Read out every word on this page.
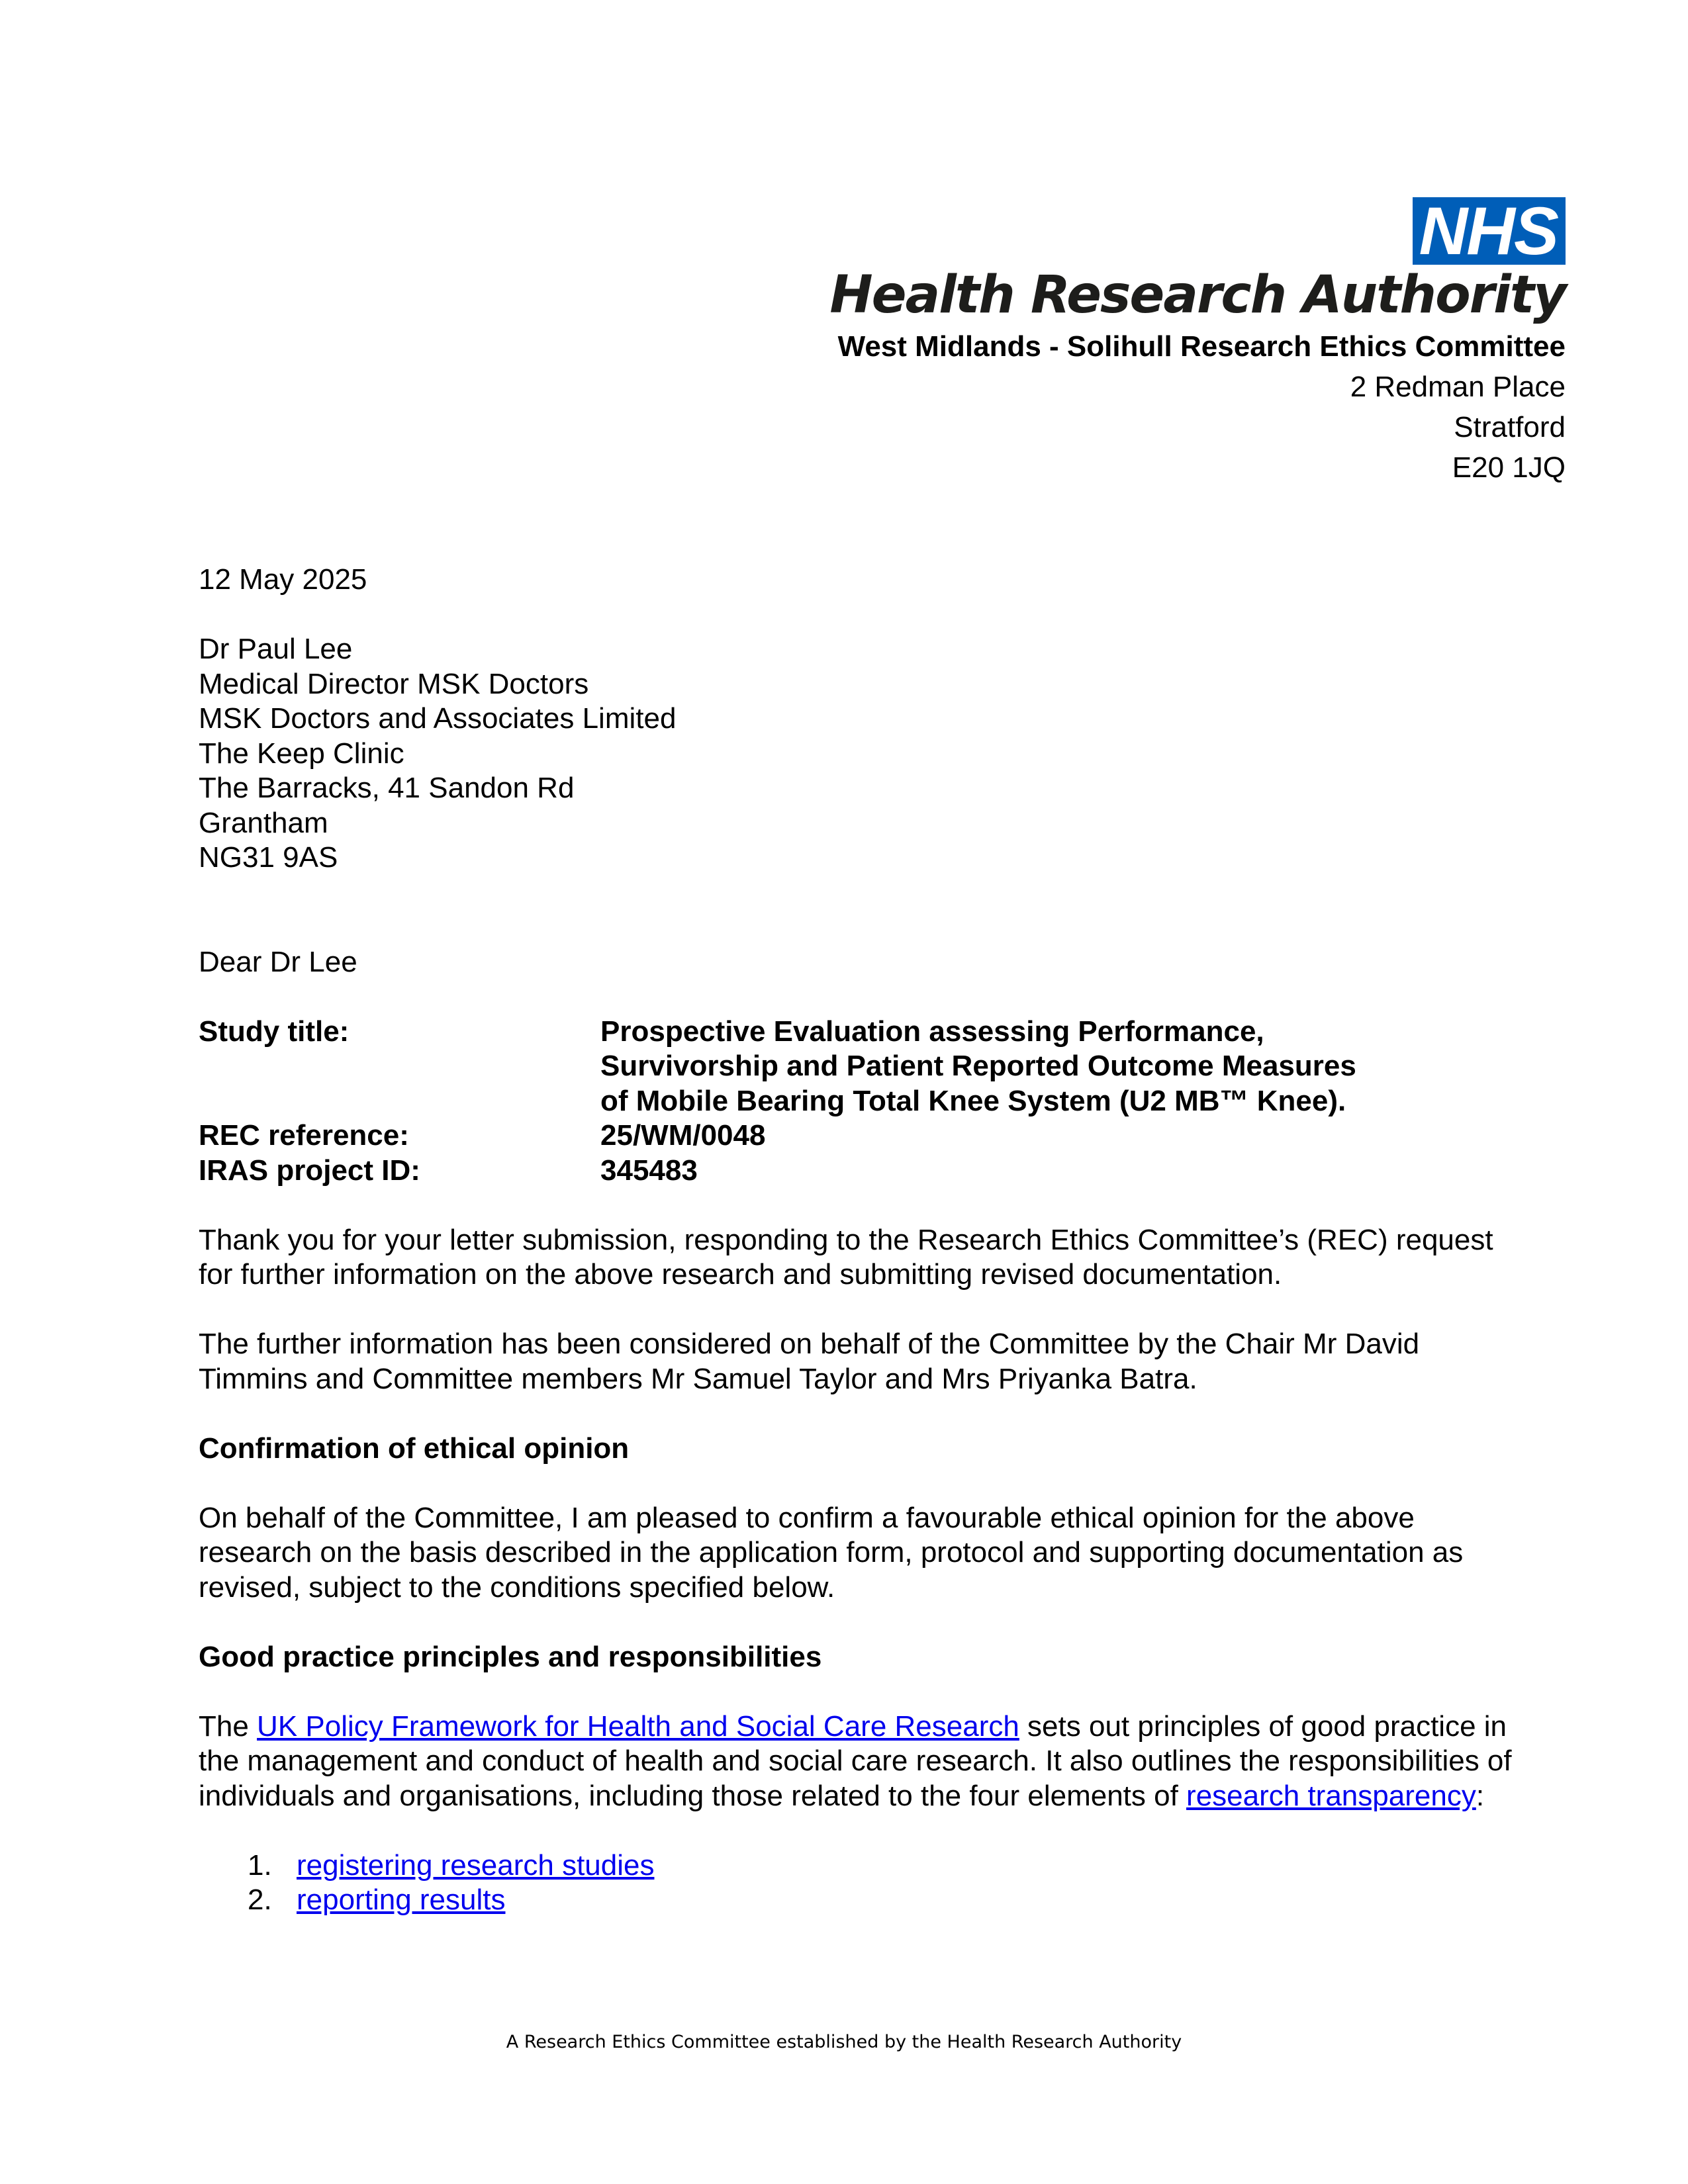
NHS
Health Research Authority
West Midlands - Solihull Research Ethics Committee
2 Redman Place
Stratford
E20 1JQ

12 May 2025

Dr Paul Lee
Medical Director MSK Doctors
MSK Doctors and Associates Limited
The Keep Clinic
The Barracks, 41 Sandon Rd
Grantham
NG31 9AS

Dear Dr Lee

Study title:	Prospective Evaluation assessing Performance,
Survivorship and Patient Reported Outcome Measures
of Mobile Bearing Total Knee System (U2 MB™ Knee).

REC reference:	25/WM/0048
IRAS project ID:	345483

Thank you for your letter submission, responding to the Research Ethics Committee’s (REC) request for further information on the above research and submitting revised documentation.

The further information has been considered on behalf of the Committee by the Chair Mr David Timmins and Committee members Mr Samuel Taylor and Mrs Priyanka Batra.

Confirmation of ethical opinion

On behalf of the Committee, I am pleased to confirm a favourable ethical opinion for the above research on the basis described in the application form, protocol and supporting documentation as revised, subject to the conditions specified below.

Good practice principles and responsibilities

The UK Policy Framework for Health and Social Care Research sets out principles of good practice in the management and conduct of health and social care research. It also outlines the responsibilities of individuals and organisations, including those related to the four elements of research transparency:

1. registering research studies
2. reporting results
A Research Ethics Committee established by the Health Research Authority
